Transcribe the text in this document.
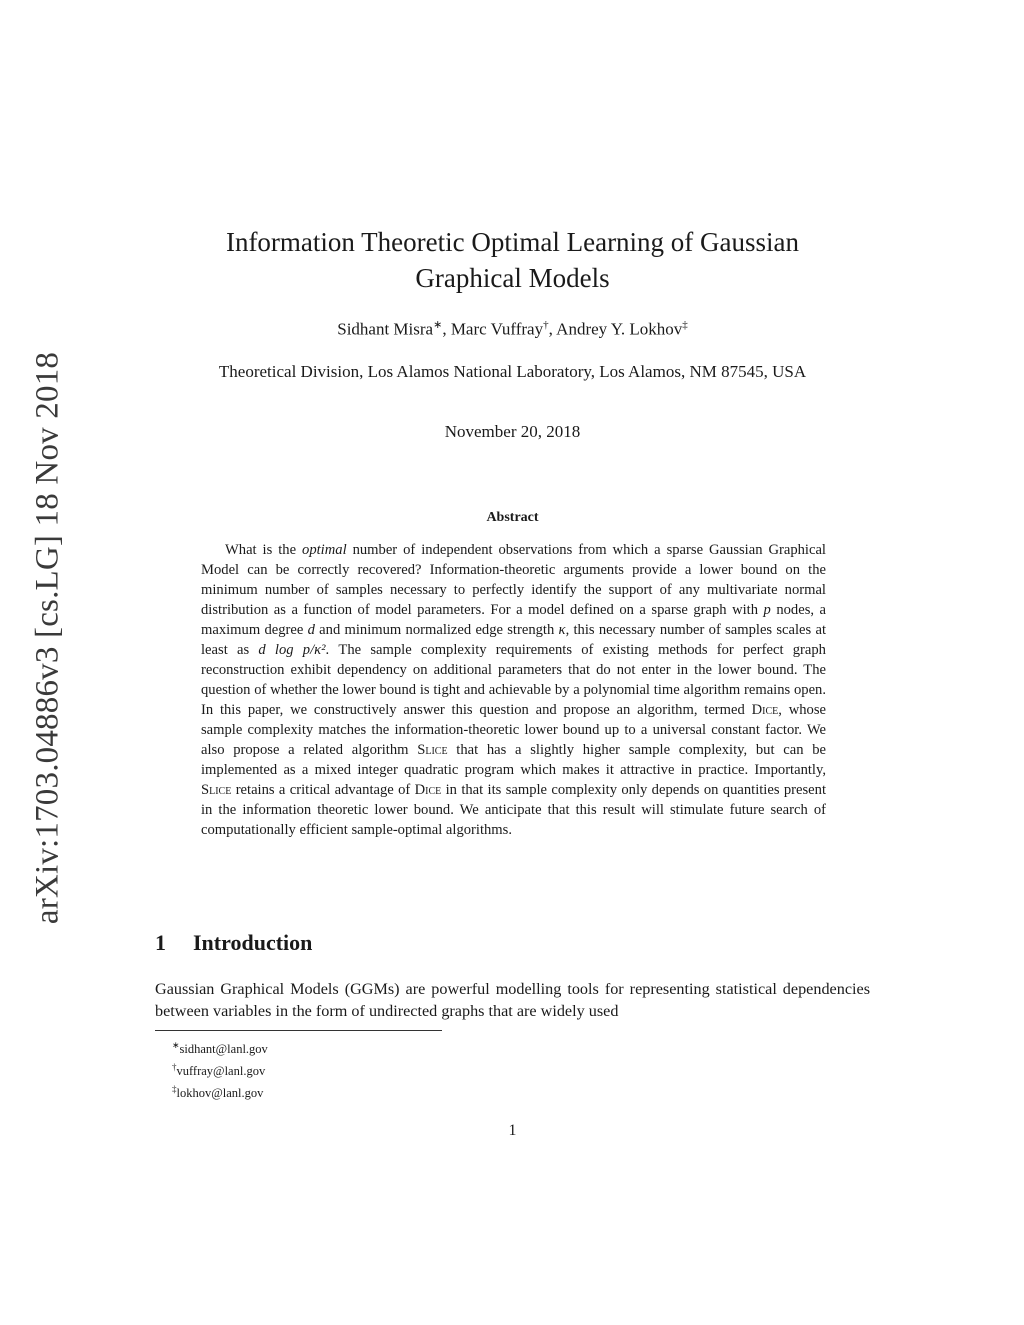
arXiv:1703.04886v3 [cs.LG] 18 Nov 2018
Information Theoretic Optimal Learning of Gaussian
Graphical Models
Sidhant Misra∗, Marc Vuffray†, Andrey Y. Lokhov‡
Theoretical Division, Los Alamos National Laboratory, Los Alamos, NM 87545, USA
November 20, 2018
Abstract
What is the optimal number of independent observations from which a sparse Gaussian Graphical Model can be correctly recovered? Information-theoretic arguments provide a lower bound on the minimum number of samples necessary to perfectly identify the support of any multivariate normal distribution as a function of model parameters. For a model defined on a sparse graph with p nodes, a maximum degree d and minimum normalized edge strength κ, this necessary number of samples scales at least as d log p/κ². The sample complexity requirements of existing methods for perfect graph reconstruction exhibit dependency on additional parameters that do not enter in the lower bound. The question of whether the lower bound is tight and achievable by a polynomial time algorithm remains open. In this paper, we constructively answer this question and propose an algorithm, termed Dice, whose sample complexity matches the information-theoretic lower bound up to a universal constant factor. We also propose a related algorithm Slice that has a slightly higher sample complexity, but can be implemented as a mixed integer quadratic program which makes it attractive in practice. Importantly, Slice retains a critical advantage of Dice in that its sample complexity only depends on quantities present in the information theoretic lower bound. We anticipate that this result will stimulate future search of computationally efficient sample-optimal algorithms.
1 Introduction
Gaussian Graphical Models (GGMs) are powerful modelling tools for representing statistical dependencies between variables in the form of undirected graphs that are widely used
∗sidhant@lanl.gov
†vuffray@lanl.gov
‡lokhov@lanl.gov
1
